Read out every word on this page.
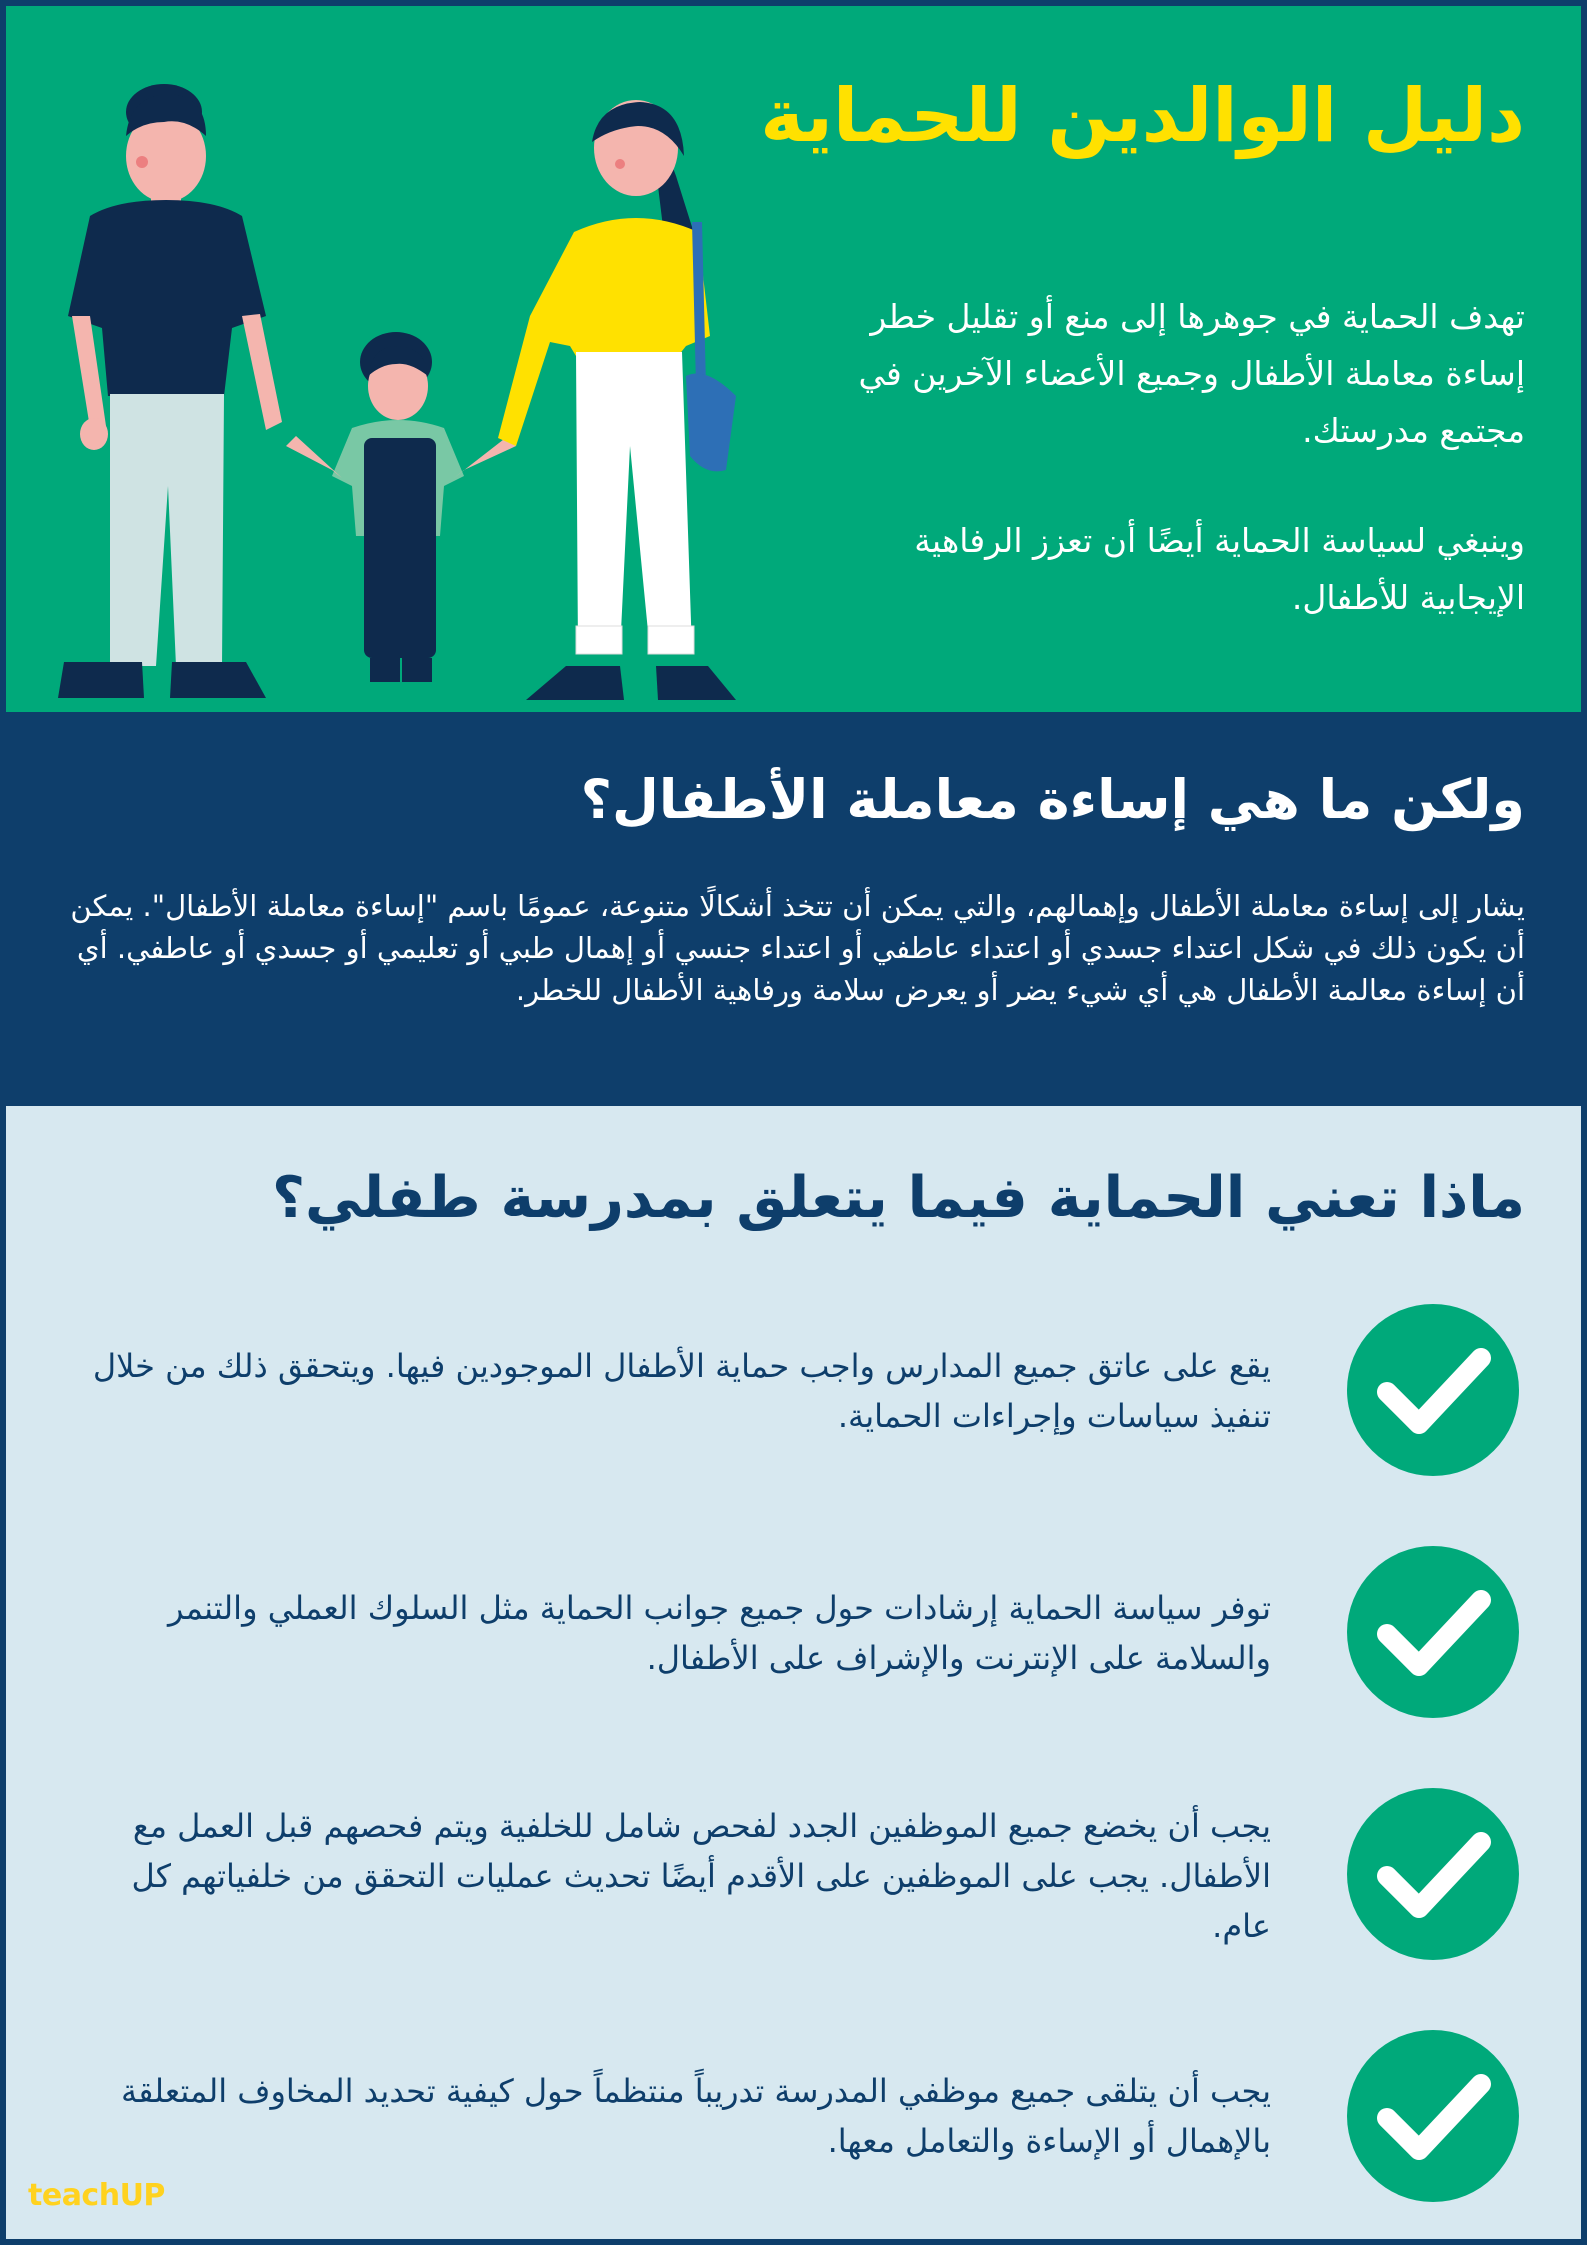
دليل الوالدين للحماية

تهدف الحماية في جوهرها إلى منع أو تقليل خطر إساءة معاملة الأطفال وجميع الأعضاء الآخرين في مجتمع مدرستك.

وينبغي لسياسة الحماية أيضًا أن تعزز الرفاهية الإيجابية للأطفال.

ولكن ما هي إساءة معاملة الأطفال؟

يشار إلى إساءة معاملة الأطفال وإهمالهم، والتي يمكن أن تتخذ أشكالًا متنوعة، عمومًا باسم "إساءة معاملة الأطفال". يمكن أن يكون ذلك في شكل اعتداء جسدي أو اعتداء عاطفي أو اعتداء جنسي أو إهمال طبي أو تعليمي أو جسدي أو عاطفي. أي أن إساءة معالمة الأطفال هي أي شيء يضر أو يعرض سلامة ورفاهية الأطفال للخطر.

ماذا تعني الحماية فيما يتعلق بمدرسة طفلي؟

يقع على عاتق جميع المدارس واجب حماية الأطفال الموجودين فيها. ويتحقق ذلك من خلال تنفيذ سياسات وإجراءات الحماية.

توفر سياسة الحماية إرشادات حول جميع جوانب الحماية مثل السلوك العملي والتنمر والسلامة على الإنترنت والإشراف على الأطفال.

يجب أن يخضع جميع الموظفين الجدد لفحص شامل للخلفية ويتم فحصهم قبل العمل مع الأطفال. يجب على الموظفين على الأقدم أيضًا تحديث عمليات التحقق من خلفياتهم كل عام.

يجب أن يتلقى جميع موظفي المدرسة تدريباً منتظماً حول كيفية تحديد المخاوف المتعلقة بالإهمال أو الإساءة والتعامل معها.

teachUP
